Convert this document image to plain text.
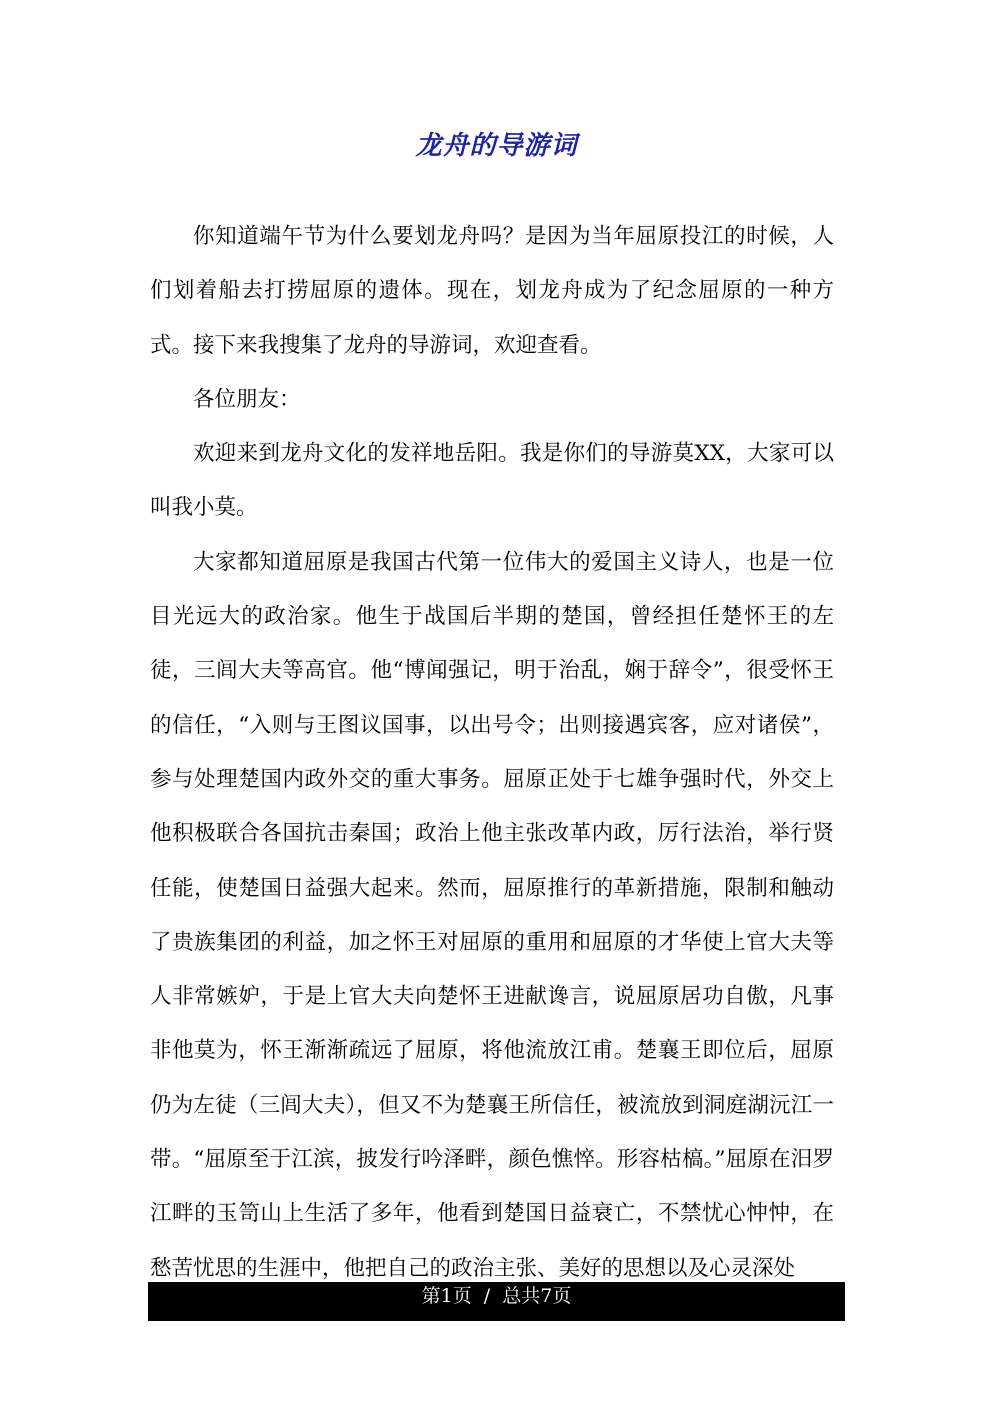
龙舟的导游词

你知道端午节为什么要划龙舟吗？是因为当年屈原投江的时候，人们划着船去打捞屈原的遗体。现在，划龙舟成为了纪念屈原的一种方式。接下来我搜集了龙舟的导游词，欢迎查看。

各位朋友：

欢迎来到龙舟文化的发祥地岳阳。我是你们的导游莫XX，大家可以叫我小莫。

大家都知道屈原是我国古代第一位伟大的爱国主义诗人，也是一位目光远大的政治家。他生于战国后半期的楚国，曾经担任楚怀王的左徒，三闾大夫等高官。他“博闻强记，明于治乱，娴于辞令”，很受怀王的信任，“入则与王图议国事，以出号令；出则接遇宾客，应对诸侯”，参与处理楚国内政外交的重大事务。屈原正处于七雄争强时代，外交上他积极联合各国抗击秦国；政治上他主张改革内政，厉行法治，举行贤任能，使楚国日益强大起来。然而，屈原推行的革新措施，限制和触动了贵族集团的利益，加之怀王对屈原的重用和屈原的才华使上官大夫等人非常嫉妒，于是上官大夫向楚怀王进献谗言，说屈原居功自傲，凡事非他莫为，怀王渐渐疏远了屈原，将他流放江甫。楚襄王即位后，屈原仍为左徒（三闾大夫），但又不为楚襄王所信任，被流放到洞庭湖沅江一带。“屈原至于江滨，披发行吟泽畔，颜色憔悴。形容枯槁。”屈原在汨罗江畔的玉笥山上生活了多年，他看到楚国日益衰亡，不禁忧心忡忡，在愁苦忧思的生涯中，他把自己的政治主张、美好的思想以及心灵深处

第1页  /  总共7页
